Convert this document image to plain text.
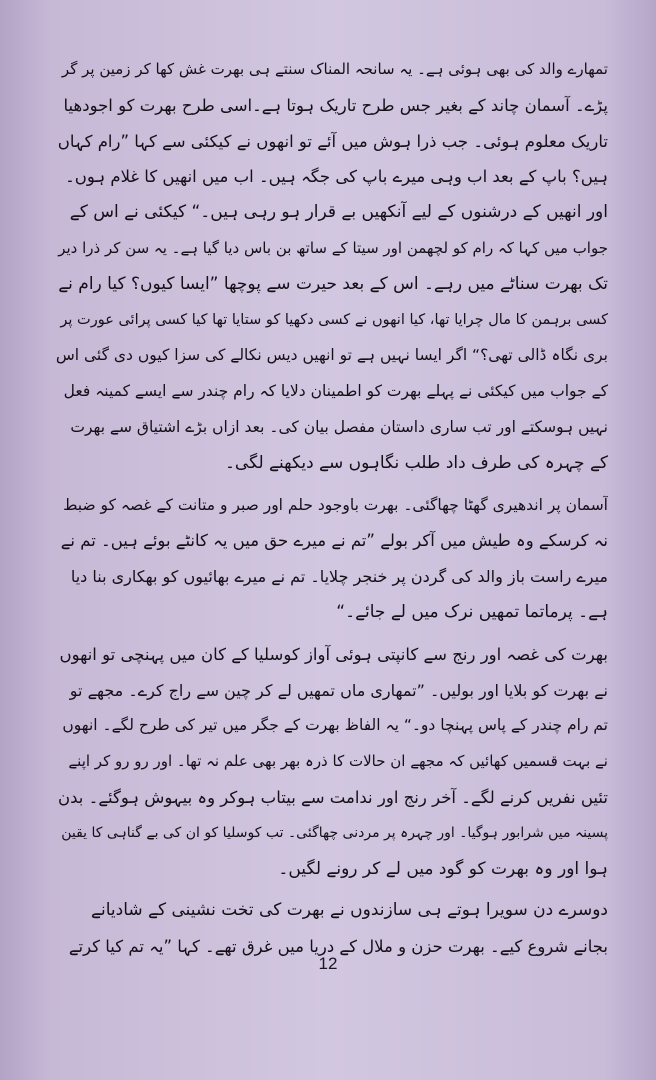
تمھارے والد کی بھی ہوئی ہے۔ یہ سانحہ المناک سنتے ہی بھرت غش کھا کر زمین پر گر
پڑے۔ آسمان چاند کے بغیر جس طرح تاریک ہوتا ہے۔اسی طرح بھرت کو اجودھیا
تاریک معلوم ہوئی۔ جب ذرا ہوش میں آئے تو انھوں نے کیکئی سے کہا ”رام کہاں
ہیں؟ باپ کے بعد اب وہی میرے باپ کی جگہ ہیں۔ اب میں انھیں کا غلام ہوں۔
اور انھیں کے درشنوں کے لیے آنکھیں بے قرار ہو رہی ہیں۔“ کیکئی نے اس کے
جواب میں کہا کہ رام کو لچھمن اور سیتا کے ساتھ بن باس دیا گیا ہے۔ یہ سن کر ذرا دیر
تک بھرت سناٹے میں رہے۔ اس کے بعد حیرت سے پوچھا ”ایسا کیوں؟ کیا رام نے
کسی برہمن کا مال چرایا تھا، کیا انھوں نے کسی دکھیا کو ستایا تھا کیا کسی پرائی عورت پر
بری نگاہ ڈالی تھی؟“ اگر ایسا نہیں ہے تو انھیں دیس نکالے کی سزا کیوں دی گئی اس
کے جواب میں کیکئی نے پہلے بھرت کو اطمینان دلایا کہ رام چندر سے ایسے کمینہ فعل
نہیں ہوسکتے اور تب ساری داستان مفصل بیان کی۔ بعد ازاں بڑے اشتیاق سے بھرت
کے چہرہ کی طرف داد طلب نگاہوں سے دیکھنے لگی۔
آسمان پر اندھیری گھٹا چھاگئی۔ بھرت باوجود حلم اور صبر و متانت کے غصہ کو ضبط
نہ کرسکے وہ طیش میں آکر بولے ”تم نے میرے حق میں یہ کانٹے بوئے ہیں۔ تم نے
میرے راست باز والد کی گردن پر خنجر چلایا۔ تم نے میرے بھائیوں کو بھکاری بنا دیا
ہے۔ پرماتما تمھیں نرک میں لے جائے۔“
بھرت کی غصہ اور رنج سے کانپتی ہوئی آواز کوسلیا کے کان میں پہنچی تو انھوں
نے بھرت کو بلایا اور بولیں۔ ”تمھاری ماں تمھیں لے کر چین سے راج کرے۔ مجھے تو
تم رام چندر کے پاس پہنچا دو۔“ یہ الفاظ بھرت کے جگر میں تیر کی طرح لگے۔ انھوں
نے بہت قسمیں کھائیں کہ مجھے ان حالات کا ذرہ بھر بھی علم نہ تھا۔ اور رو رو کر اپنے
تئیں نفریں کرنے لگے۔ آخر رنج اور ندامت سے بیتاب ہوکر وہ بیہوش ہوگئے۔ بدن
پسینہ میں شرابور ہوگیا۔ اور چہرہ پر مردنی چھاگئی۔ تب کوسلیا کو ان کی بے گناہی کا یقین
ہوا اور وہ بھرت کو گود میں لے کر رونے لگیں۔
دوسرے دن سویرا ہوتے ہی سازندوں نے بھرت کی تخت نشینی کے شادیانے
بجانے شروع کیے۔ بھرت حزن و ملال کے دریا میں غرق تھے۔ کہا ”یہ تم کیا کرتے
12
